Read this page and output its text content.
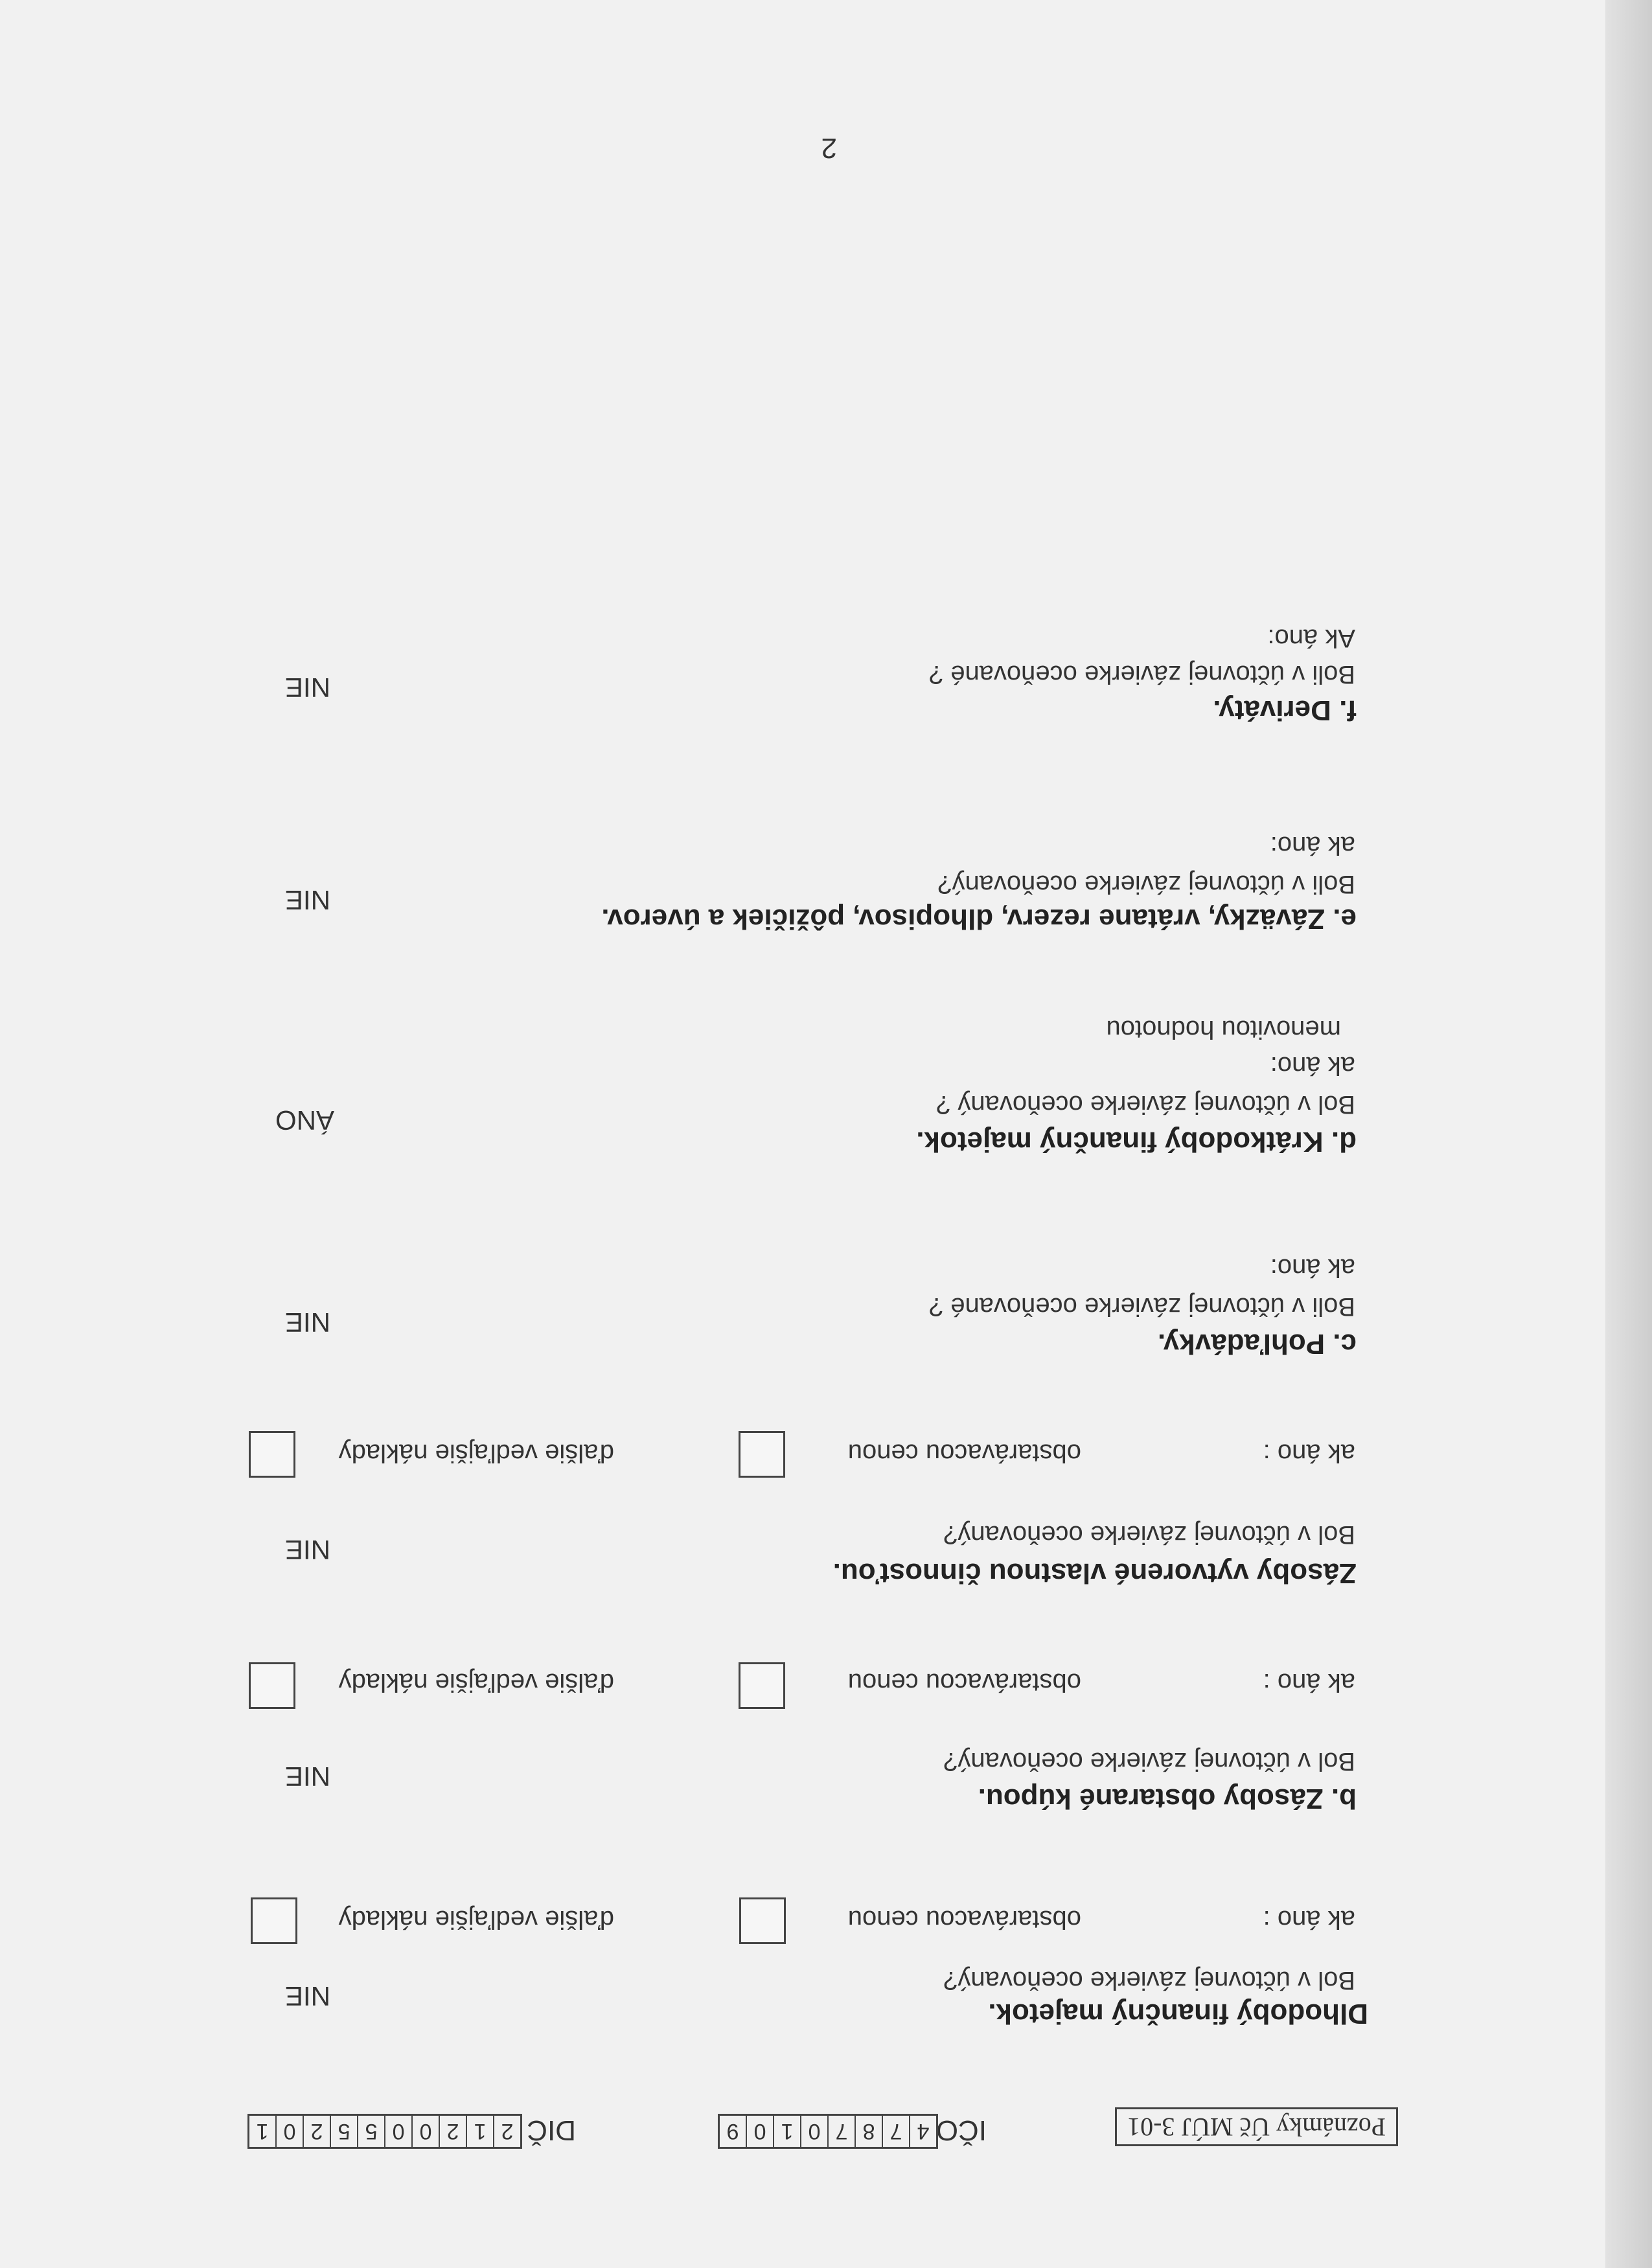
Poznámky Úč MÚJ 3-01
IČO
4
7
8
7
0
1
0
9
DIČ
2
1
2
0
0
5
5
2
0
1
Dlhodobý finančný majetok.
Bol v účtovnej závierke oceňovaný?
NIE
ak áno :
obstarávacou cenou
ďalšie vedľajšie náklady
b. Zásoby obstarané kúpou.
Bol v účtovnej závierke oceňovaný?
NIE
ak áno :
obstarávacou cenou
ďalšie vedľajšie náklady
Zásoby vytvorené vlastnou činnosťou.
Bol v účtovnej závierke oceňovaný?
NIE
ak áno :
obstarávacou cenou
ďalšie vedľajšie náklady
c. Pohľadávky.
Boli v účtovnej závierke oceňované ?
NIE
ak áno:
d. Krátkodobý finančný majetok.
Bol v účtovnej závierke oceňovaný ?
ÁNO
ak áno:
menovitou hodnotou
e. Záväzky, vrátane rezerv, dlhopisov, pôžičiek a úverov.
Boli v účtovnej závierke oceňovaný?
NIE
ak áno:
f. Deriváty.
Boli v účtovnej závierke oceňované ?
NIE
Ak áno:
2
